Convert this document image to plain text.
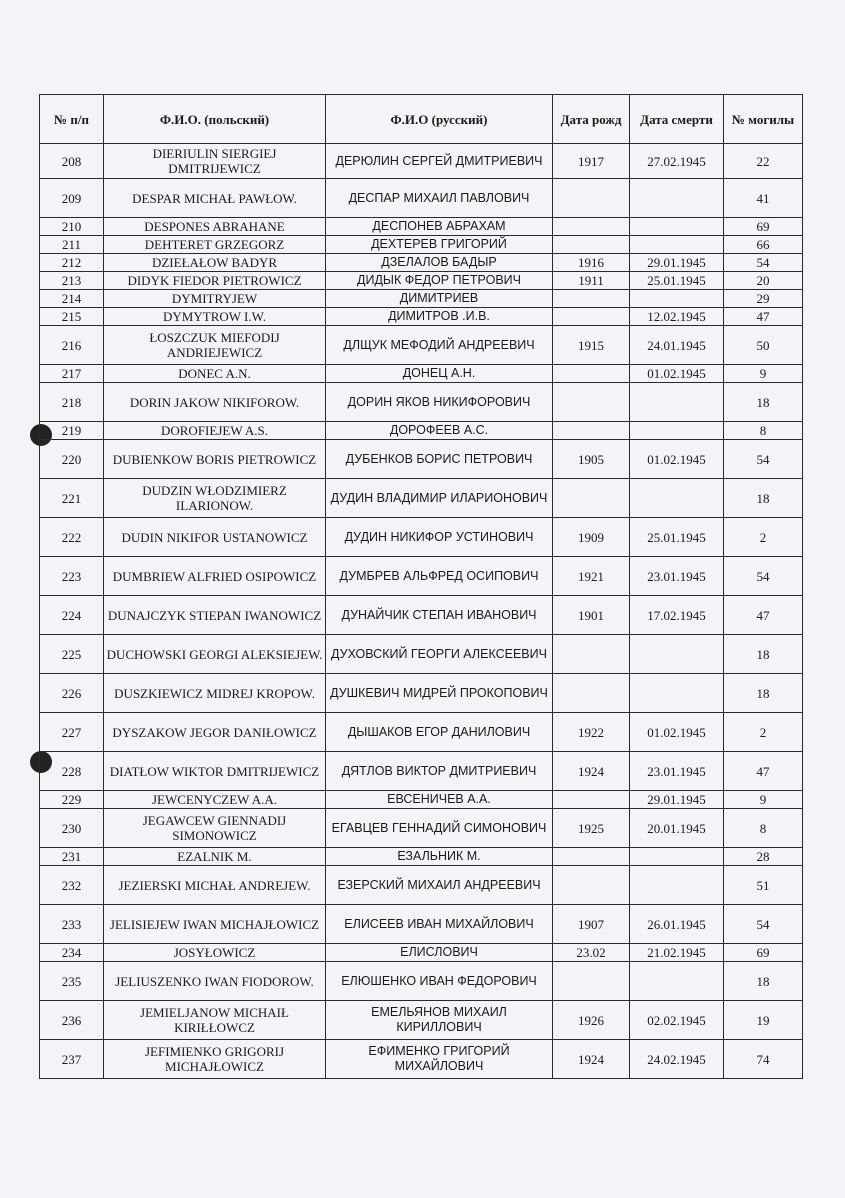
№ п/п	Ф.И.О. (польский)	Ф.И.О (русский)	Дата рожд	Дата смерти	№ могилы
208	DIERIULIN SIERGIEJ DMITRIJEWICZ	ДЕРЮЛИН СЕРГЕЙ ДМИТРИЕВИЧ	1917	27.02.1945	22
209	DESPAR MICHAŁ PAWŁOW.	ДЕСПАР МИХАИЛ ПАВЛОВИЧ			41
210	DESPONES ABRAHANE	ДЕСПОНЕВ АБРАХАМ			69
211	DEHTERET GRZEGORZ	ДЕХТЕРЕВ ГРИГОРИЙ			66
212	DZIEŁAŁOW BADYR	ДЗЕЛАЛОВ БАДЫР	1916	29.01.1945	54
213	DIDYK FIEDOR PIETROWICZ	ДИДЫК ФЕДОР ПЕТРОВИЧ	1911	25.01.1945	20
214	DYMITRYJEW	ДИМИТРИЕВ			29
215	DYMYTROW I.W.	ДИМИТРОВ .И.В.		12.02.1945	47
216	ŁOSZCZUK MIEFODIJ ANDRIEJEWICZ	ДЛЩУК МЕФОДИЙ АНДРЕЕВИЧ	1915	24.01.1945	50
217	DONEC A.N.	ДОНЕЦ А.Н.		01.02.1945	9
218	DORIN JAKOW NIKIFOROW.	ДОРИН ЯКОВ НИКИФОРОВИЧ			18
219	DOROFIEJEW A.S.	ДОРОФЕЕВ А.С.			8
220	DUBIENKOW BORIS PIETROWICZ	ДУБЕНКОВ БОРИС ПЕТРОВИЧ	1905	01.02.1945	54
221	DUDZIN WŁODZIMIERZ ILARIONOW.	ДУДИН ВЛАДИМИР ИЛАРИОНОВИЧ			18
222	DUDIN NIKIFOR USTANOWICZ	ДУДИН НИКИФОР УСТИНОВИЧ	1909	25.01.1945	2
223	DUMBRIEW ALFRIED OSIPOWICZ	ДУМБРЕВ АЛЬФРЕД ОСИПОВИЧ	1921	23.01.1945	54
224	DUNAJCZYK STIEPAN IWANOWICZ	ДУНАЙЧИК СТЕПАН ИВАНОВИЧ	1901	17.02.1945	47
225	DUCHOWSKI GEORGI ALEKSIEJEW.	ДУХОВСКИЙ ГЕОРГИ АЛЕКСЕЕВИЧ			18
226	DUSZKIEWICZ MIDREJ KROPOW.	ДУШКЕВИЧ МИДРЕЙ ПРОКОПОВИЧ			18
227	DYSZAKOW JEGOR DANIŁOWICZ	ДЫШАКОВ ЕГОР ДАНИЛОВИЧ	1922	01.02.1945	2
228	DIATŁOW WIKTOR DMITRIJEWICZ	ДЯТЛОВ ВИКТОР ДМИТРИЕВИЧ	1924	23.01.1945	47
229	JEWCENYCZEW A.A.	ЕВСЕНИЧЕВ А.А.		29.01.1945	9
230	JEGAWCEW GIENNADIJ SIMONOWICZ	ЕГАВЦЕВ ГЕННАДИЙ СИМОНОВИЧ	1925	20.01.1945	8
231	EZALNIK M.	ЕЗАЛЬНИК М.			28
232	JEZIERSKI MICHAŁ ANDREJEW.	ЕЗЕРСКИЙ МИХАИЛ АНДРЕЕВИЧ			51
233	JELISIEJEW IWAN MICHAJŁOWICZ	ЕЛИСЕЕВ ИВАН МИХАЙЛОВИЧ	1907	26.01.1945	54
234	JOSYŁOWICZ	ЕЛИСЛОВИЧ	23.02	21.02.1945	69
235	JELIUSZENKO IWAN FIODOROW.	ЕЛЮШЕНКО ИВАН ФЕДОРОВИЧ			18
236	JEMIELJANOW MICHAIŁ KIRIŁŁOWCZ	ЕМЕЛЬЯНОВ МИХАИЛ КИРИЛЛОВИЧ	1926	02.02.1945	19
237	JEFIMIENKO GRIGORIJ MICHAJŁOWICZ	ЕФИМЕНКО ГРИГОРИЙ МИХАЙЛОВИЧ	1924	24.02.1945	74
